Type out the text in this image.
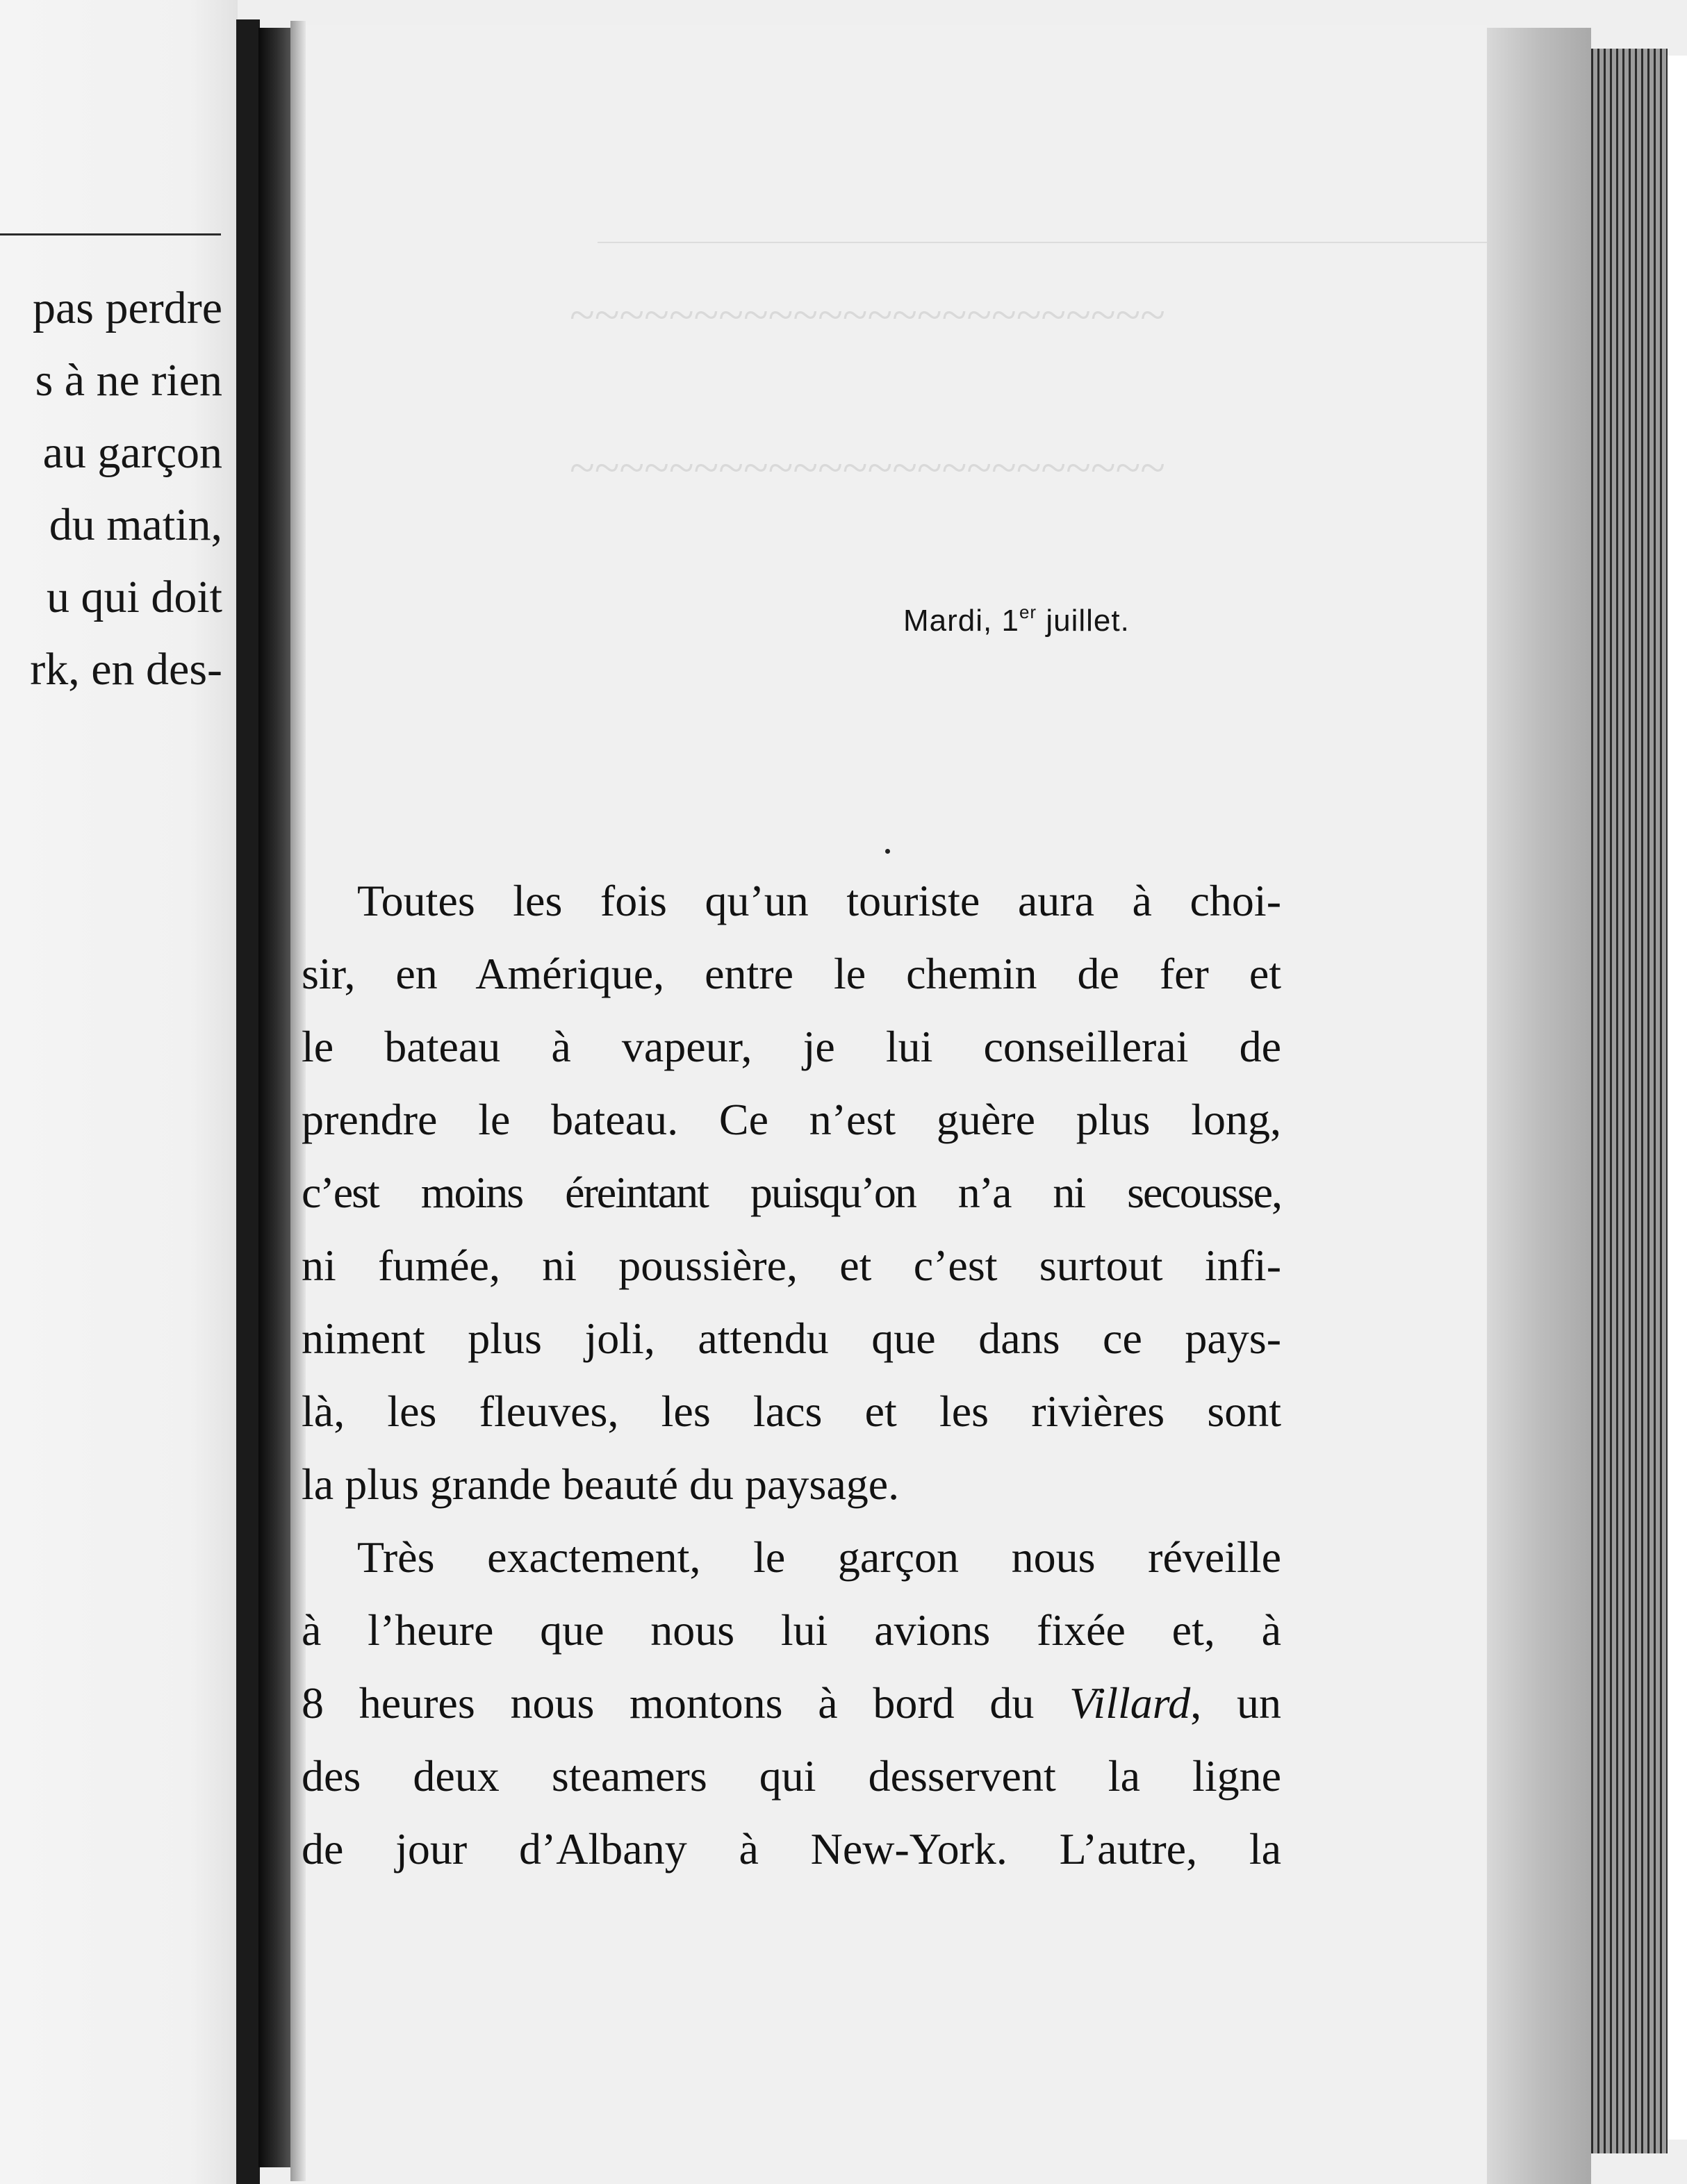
pas perdre
s à ne rien
au garçon
du matin,
u qui doit
rk, en des-
~~~~~~~~~~~~~~~~~~~~~~~~
~~~~~~~~~~~~~~~~~~~~~~~~
Mardi, 1er juillet.
Toutes les fois qu’un touriste aura à choi-
sir, en Amérique, entre le chemin de fer et
le bateau à vapeur, je lui conseillerai de
prendre le bateau. Ce n’est guère plus long,
c’est moins éreintant puisqu’on n’a ni secousse,
ni fumée, ni poussière, et c’est surtout infi-
niment plus joli, attendu que dans ce pays-
là, les fleuves, les lacs et les rivières sont
la plus grande beauté du paysage.
Très exactement, le garçon nous réveille
à l’heure que nous lui avions fixée et, à
8 heures nous montons à bord du Villard, un
des deux steamers qui desservent la ligne
de jour d’Albany à New-York. L’autre, la
